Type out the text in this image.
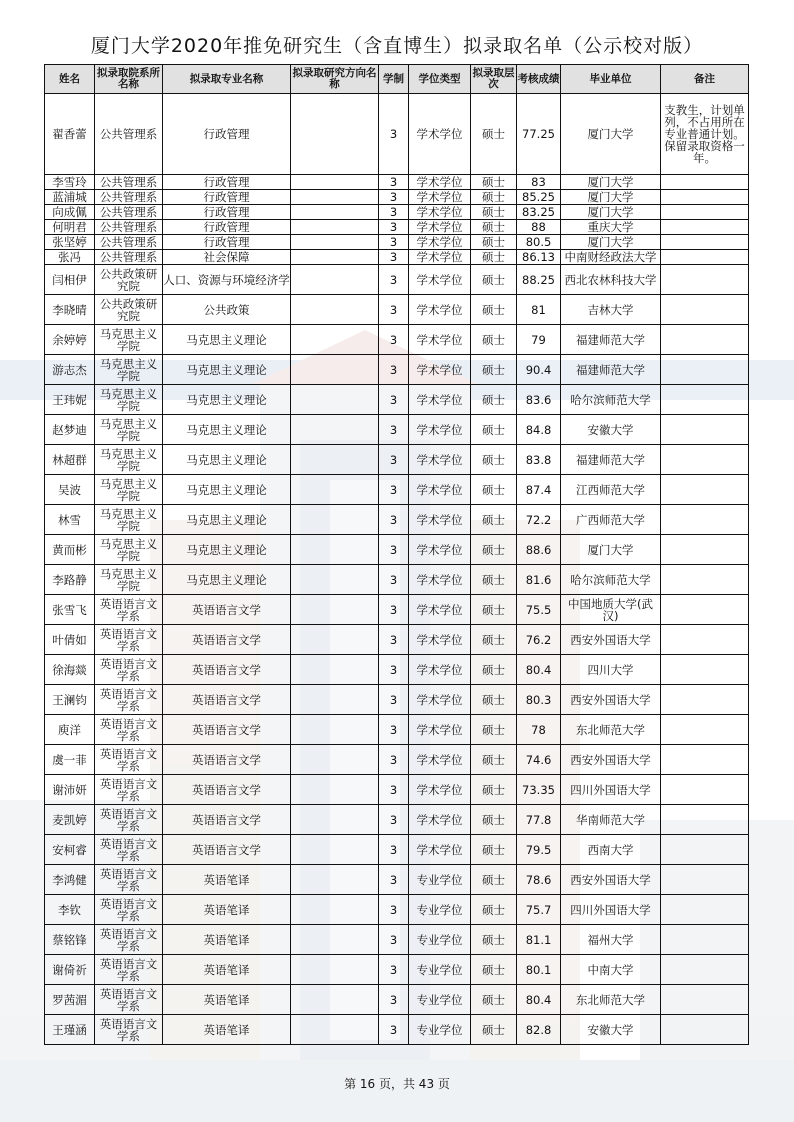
厦门大学2020年推免研究生（含直博生）拟录取名单（公示校对版）
姓名	拟录取院系所名称	拟录取专业名称	拟录取研究方向名称	学制	学位类型	拟录取层次	考核成绩	毕业单位	备注
翟香蕾	公共管理系	行政管理		3	学术学位	硕士	77.25	厦门大学	支教生，计划单列，不占用所在专业普通计划。保留录取资格一年。
李雪玲	公共管理系	行政管理		3	学术学位	硕士	83	厦门大学	
蓝浦城	公共管理系	行政管理		3	学术学位	硕士	85.25	厦门大学	
向成佩	公共管理系	行政管理		3	学术学位	硕士	83.25	厦门大学	
何明君	公共管理系	行政管理		3	学术学位	硕士	88	重庆大学	
张坚婷	公共管理系	行政管理		3	学术学位	硕士	80.5	厦门大学	
张冯	公共管理系	社会保障		3	学术学位	硕士	86.13	中南财经政法大学	
闫相伊	公共政策研究院	人口、资源与环境经济学		3	学术学位	硕士	88.25	西北农林科技大学	
李晓晴	公共政策研究院	公共政策		3	学术学位	硕士	81	吉林大学	
余婷婷	马克思主义学院	马克思主义理论		3	学术学位	硕士	79	福建师范大学	
游志杰	马克思主义学院	马克思主义理论		3	学术学位	硕士	90.4	福建师范大学	
王玮妮	马克思主义学院	马克思主义理论		3	学术学位	硕士	83.6	哈尔滨师范大学	
赵梦迪	马克思主义学院	马克思主义理论		3	学术学位	硕士	84.8	安徽大学	
林超群	马克思主义学院	马克思主义理论		3	学术学位	硕士	83.8	福建师范大学	
吴波	马克思主义学院	马克思主义理论		3	学术学位	硕士	87.4	江西师范大学	
林雪	马克思主义学院	马克思主义理论		3	学术学位	硕士	72.2	广西师范大学	
黄而彬	马克思主义学院	马克思主义理论		3	学术学位	硕士	88.6	厦门大学	
李路静	马克思主义学院	马克思主义理论		3	学术学位	硕士	81.6	哈尔滨师范大学	
张雪飞	英语语言文学系	英语语言文学		3	学术学位	硕士	75.5	中国地质大学(武汉)	
叶倩如	英语语言文学系	英语语言文学		3	学术学位	硕士	76.2	西安外国语大学	
徐海燚	英语语言文学系	英语语言文学		3	学术学位	硕士	80.4	四川大学	
王澜钧	英语语言文学系	英语语言文学		3	学术学位	硕士	80.3	西安外国语大学	
庾洋	英语语言文学系	英语语言文学		3	学术学位	硕士	78	东北师范大学	
虞一菲	英语语言文学系	英语语言文学		3	学术学位	硕士	74.6	西安外国语大学	
谢沛妍	英语语言文学系	英语语言文学		3	学术学位	硕士	73.35	四川外国语大学	
麦凯婷	英语语言文学系	英语语言文学		3	学术学位	硕士	77.8	华南师范大学	
安柯睿	英语语言文学系	英语语言文学		3	学术学位	硕士	79.5	西南大学	
李鸿健	英语语言文学系	英语笔译		3	专业学位	硕士	78.6	西安外国语大学	
李钦	英语语言文学系	英语笔译		3	专业学位	硕士	75.7	四川外国语大学	
蔡铭锋	英语语言文学系	英语笔译		3	专业学位	硕士	81.1	福州大学	
谢倚祈	英语语言文学系	英语笔译		3	专业学位	硕士	80.1	中南大学	
罗茜湄	英语语言文学系	英语笔译		3	专业学位	硕士	80.4	东北师范大学	
王瑾涵	英语语言文学系	英语笔译		3	专业学位	硕士	82.8	安徽大学	
第 16 页，共 43 页
